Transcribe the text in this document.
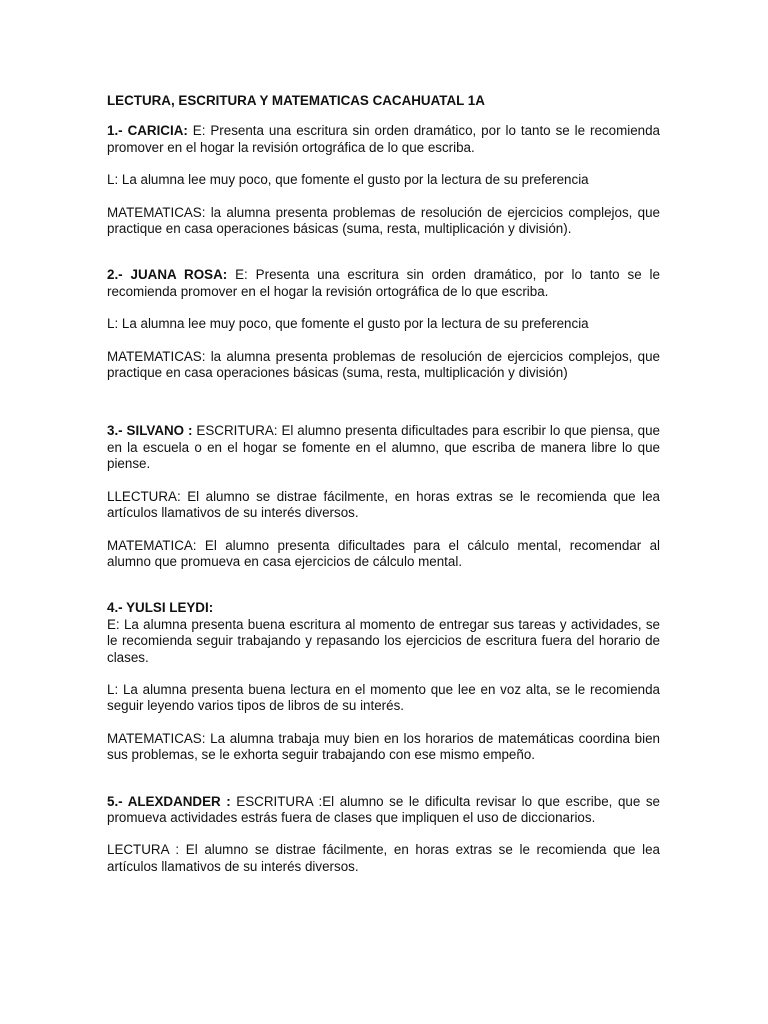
LECTURA, ESCRITURA Y MATEMATICAS CACAHUATAL 1A

1.- CARICIA: E: Presenta una escritura sin orden dramático, por lo tanto se le recomienda promover en el hogar la revisión ortográfica de lo que escriba.

L: La alumna lee muy poco, que fomente el gusto por la lectura de su preferencia

MATEMATICAS: la alumna presenta problemas de resolución de ejercicios complejos, que practique en casa operaciones básicas (suma, resta, multiplicación y división).

2.- JUANA ROSA: E: Presenta una escritura sin orden dramático, por lo tanto se le recomienda promover en el hogar la revisión ortográfica de lo que escriba.

L: La alumna lee muy poco, que fomente el gusto por la lectura de su preferencia

MATEMATICAS: la alumna presenta problemas de resolución de ejercicios complejos, que practique en casa operaciones básicas (suma, resta, multiplicación y división)

3.- SILVANO : ESCRITURA: El alumno presenta dificultades para escribir lo que piensa, que en la escuela o en el hogar se fomente en el alumno, que escriba de manera libre lo que piense.

LLECTURA: El alumno se distrae fácilmente, en horas extras se le recomienda que lea artículos llamativos de su interés diversos.

MATEMATICA: El alumno presenta dificultades para el cálculo mental, recomendar al alumno que promueva en casa ejercicios de cálculo mental.

4.- YULSI LEYDI:

E: La alumna presenta buena escritura al momento de entregar sus tareas y actividades, se le recomienda seguir trabajando y repasando los ejercicios de escritura fuera del horario de clases.

L: La alumna presenta buena lectura en el momento que lee en voz alta, se le recomienda seguir leyendo varios tipos de libros de su interés.

MATEMATICAS: La alumna trabaja muy bien en los horarios de matemáticas coordina bien sus problemas, se le exhorta seguir trabajando con ese mismo empeño.

5.- ALEXDANDER : ESCRITURA :El alumno se le dificulta revisar lo que escribe, que se promueva actividades estrás fuera de clases que impliquen el uso de diccionarios.

LECTURA : El alumno se distrae fácilmente, en horas extras se le recomienda que lea artículos llamativos de su interés diversos.
